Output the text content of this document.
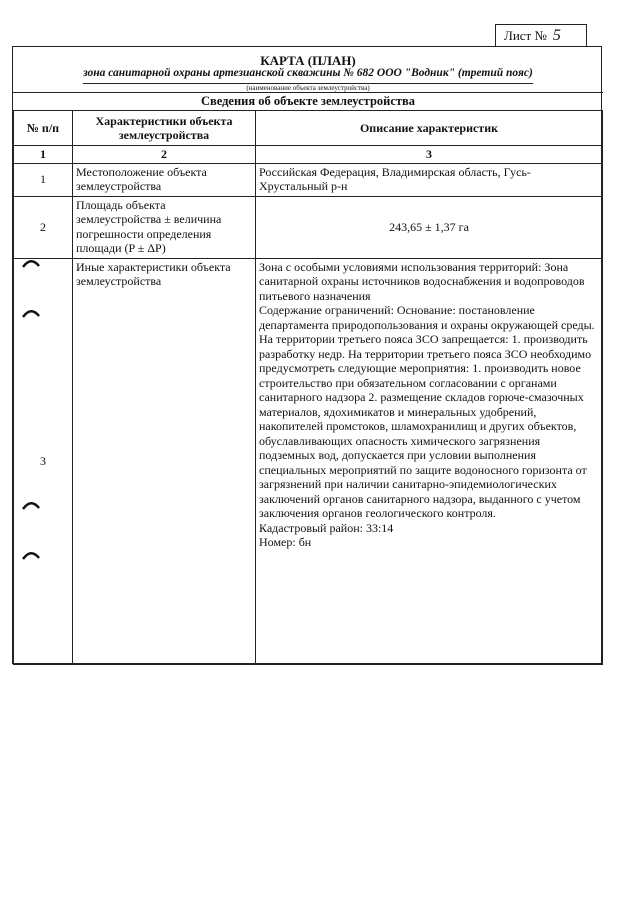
Лист № 5
КАРТА (ПЛАН)
зона санитарной охраны артезианской скважины № 682 ООО "Водник" (третий пояс)
(наименование объекта землеустройства)
Сведения об объекте землеустройства
№ п/п	Характеристики объекта землеустройства	Описание характеристик
1	2	3
1	Местоположение объекта землеустройства	Российская Федерация, Владимирская область, Гусь-Хрустальный р-н
2	Площадь объекта землеустройства ± величина погрешности определения площади (P ± ΔP)	243,65 ± 1,37 га
3	Иные характеристики объекта землеустройства	Зона с особыми условиями использования территорий: Зона санитарной охраны источников водоснабжения и водопроводов питьевого назначения
Содержание ограничений: Основание: постановление департамента природопользования и охраны окружающей среды.
На территории третьего пояса ЗСО запрещается: 1. производить разработку недр. На территории третьего пояса ЗСО необходимо предусмотреть следующие мероприятия: 1. производить новое строительство при обязательном согласовании с органами санитарного надзора 2. размещение складов горюче-смазочных материалов, ядохимикатов и минеральных удобрений, накопителей промстоков, шламохранилищ и других объектов, обуславливающих опасность химического загрязнения подземных вод, допускается при условии выполнения специальных мероприятий по защите водоносного горизонта от загрязнений при наличии санитарно-эпидемиологических заключений органов санитарного надзора, выданного с учетом заключения органов геологического контроля.
Кадастровый район: 33:14
Номер: бн
